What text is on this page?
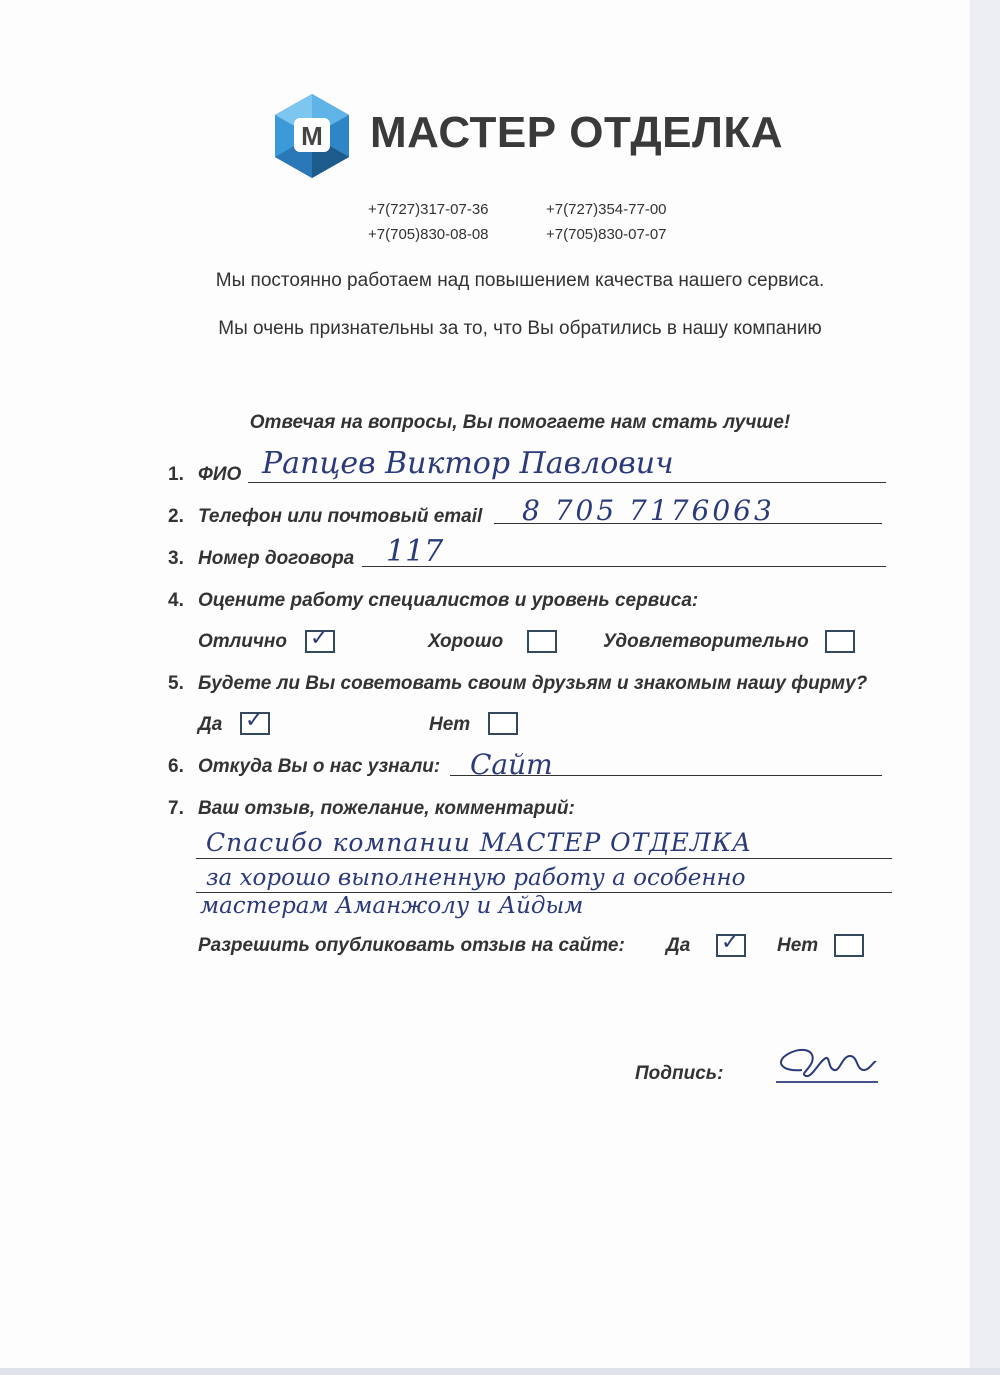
М МАСТЕР ОТДЕЛКА
+7(727)317-07-36	+7(727)354-77-00
+7(705)830-08-08	+7(705)830-07-07
Мы постоянно работаем над повышением качества нашего сервиса.
Мы очень признательны за то, что Вы обратились в нашу компанию
Отвечая на вопросы, Вы помогаете нам стать лучше!
1. ФИО Рапцев Виктор Павлович
2. Телефон или почтовый email 8 705 7176063
3. Номер договора 117
4. Оцените работу специалистов и уровень сервиса:
Отлично ✓	Хорошо	Удовлетворительно
5. Будете ли Вы советовать своим друзьям и знакомым нашу фирму?
Да ✓	Нет
6. Откуда Вы о нас узнали: Сайт
7. Ваш отзыв, пожелание, комментарий:
Спасибо компании МАСТЕР ОТДЕЛКА
за хорошо выполненную работу а особенно
мастерам Аманжолу и Айдым
Разрешить опубликовать отзыв на сайте: Да ✓ Нет
Подпись:
